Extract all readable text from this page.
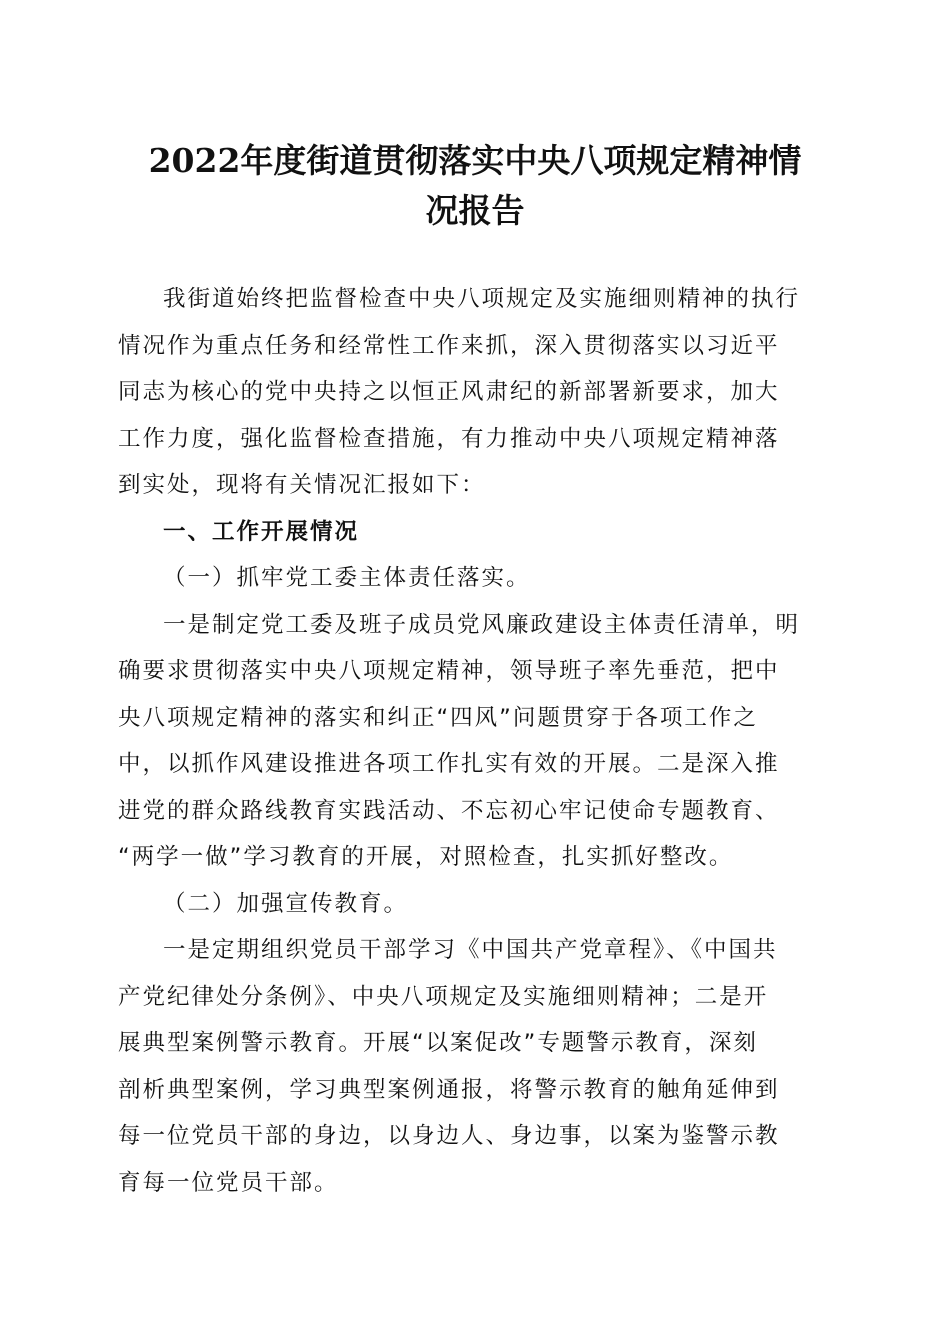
2022年度街道贯彻落实中央八项规定精神情
况报告
我街道始终把监督检查中央八项规定及实施细则精神的执行
情况作为重点任务和经常性工作来抓，深入贯彻落实以习近平
同志为核心的党中央持之以恒正风肃纪的新部署新要求，加大
工作力度，强化监督检查措施，有力推动中央八项规定精神落
到实处，现将有关情况汇报如下：
一、工作开展情况
（一）抓牢党工委主体责任落实。
一是制定党工委及班子成员党风廉政建设主体责任清单，明
确要求贯彻落实中央八项规定精神，领导班子率先垂范，把中
央八项规定精神的落实和纠正“四风”问题贯穿于各项工作之
中，以抓作风建设推进各项工作扎实有效的开展。二是深入推
进党的群众路线教育实践活动、不忘初心牢记使命专题教育、
“两学一做”学习教育的开展，对照检查，扎实抓好整改。
（二）加强宣传教育。
一是定期组织党员干部学习《中国共产党章程》、《中国共
产党纪律处分条例》、中央八项规定及实施细则精神；二是开
展典型案例警示教育。开展“以案促改”专题警示教育，深刻
剖析典型案例，学习典型案例通报，将警示教育的触角延伸到
每一位党员干部的身边，以身边人、身边事，以案为鉴警示教
育每一位党员干部。
